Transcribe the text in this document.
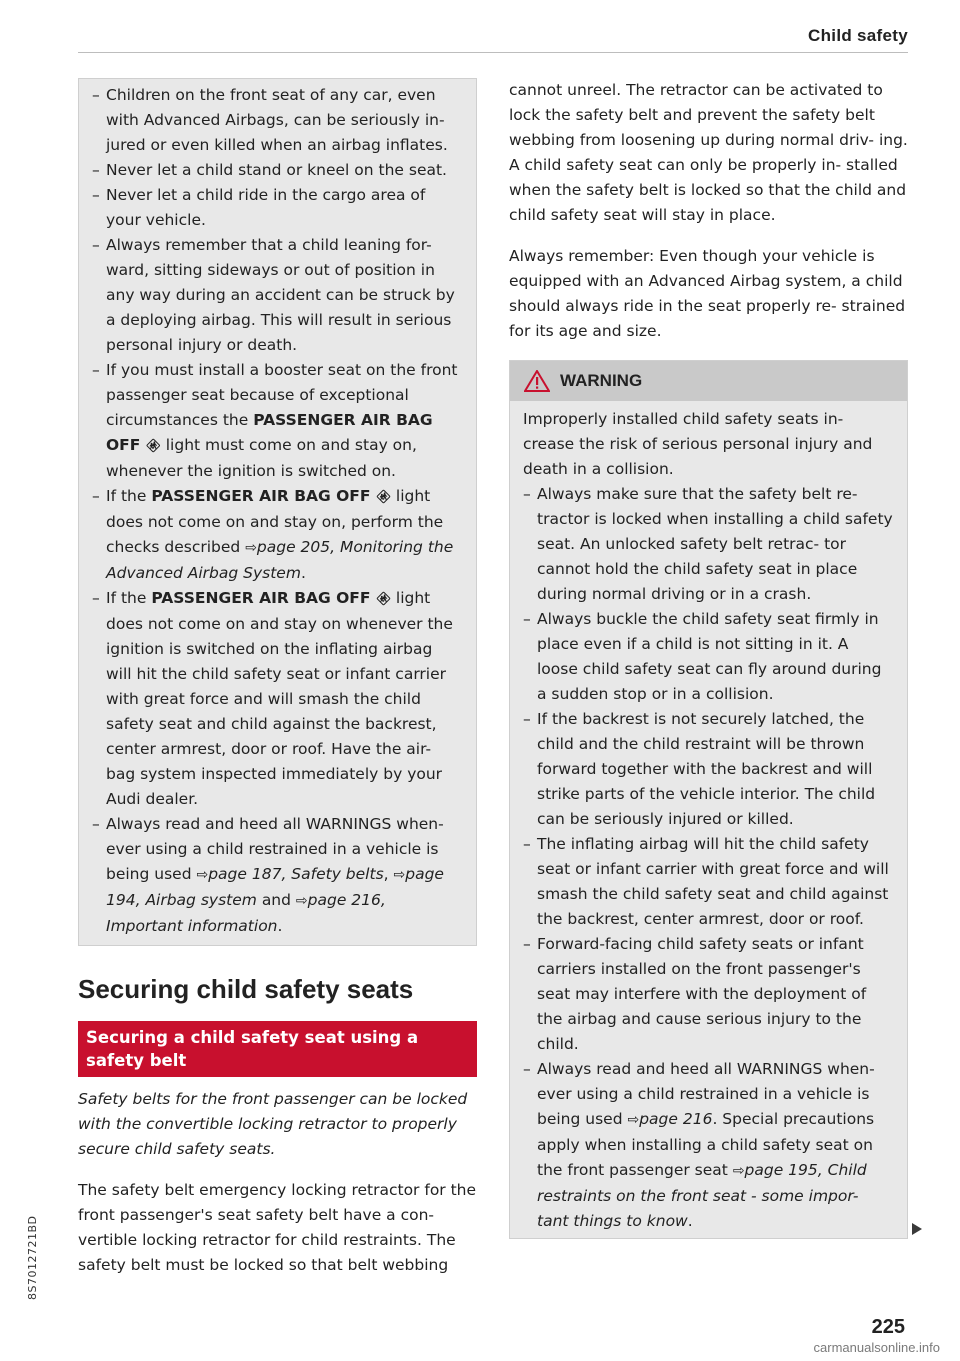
Child safety
– Children on the front seat of any car, even with Advanced Airbags, can be seriously in- jured or even killed when an airbag inflates.
– Never let a child stand or kneel on the seat.
– Never let a child ride in the cargo area of your vehicle.
– Always remember that a child leaning for- ward, sitting sideways or out of position in any way during an accident can be struck by a deploying airbag. This will result in serious personal injury or death.
– If you must install a booster seat on the front passenger seat because of exceptional circumstances the PASSENGER AIR BAG OFF 🚸︎ light must come on and stay on, whenever the ignition is switched on.
– If the PASSENGER AIR BAG OFF 🚸︎ light does not come on and stay on, perform the checks described ⇨page 205, Monitoring the Advanced Airbag System.
– If the PASSENGER AIR BAG OFF 🚸︎ light does not come on and stay on whenever the ignition is switched on the inflating airbag will hit the child safety seat or infant carrier with great force and will smash the child safety seat and child against the backrest, center armrest, door or roof. Have the air- bag system inspected immediately by your Audi dealer.
– Always read and heed all WARNINGS when- ever using a child restrained in a vehicle is being used ⇨page 187, Safety belts, ⇨page 194, Airbag system and ⇨page 216, Important information.
Securing child safety seats
Securing a child safety seat using a safety belt

Safety belts for the front passenger can be locked with the convertible locking retractor to properly secure child safety seats.

The safety belt emergency locking retractor for the front passenger's seat safety belt have a con- vertible locking retractor for child restraints. The safety belt must be locked so that belt webbing

cannot unreel. The retractor can be activated to lock the safety belt and prevent the safety belt webbing from loosening up during normal driv- ing. A child safety seat can only be properly in- stalled when the safety belt is locked so that the child and child safety seat will stay in place.

Always remember: Even though your vehicle is equipped with an Advanced Airbag system, a child should always ride in the seat properly re- strained for its age and size.

WARNING
Improperly installed child safety seats in- crease the risk of serious personal injury and death in a collision.
– Always make sure that the safety belt re- tractor is locked when installing a child safety seat. An unlocked safety belt retrac- tor cannot hold the child safety seat in place during normal driving or in a crash.
– Always buckle the child safety seat firmly in place even if a child is not sitting in it. A loose child safety seat can fly around during a sudden stop or in a collision.
– If the backrest is not securely latched, the child and the child restraint will be thrown forward together with the backrest and will strike parts of the vehicle interior. The child can be seriously injured or killed.
– The inflating airbag will hit the child safety seat or infant carrier with great force and will smash the child safety seat and child against the backrest, center armrest, door or roof.
– Forward-facing child safety seats or infant carriers installed on the front passenger's seat may interfere with the deployment of the airbag and cause serious injury to the child.
– Always read and heed all WARNINGS when- ever using a child restrained in a vehicle is being used ⇨page 216. Special precautions apply when installing a child safety seat on the front passenger seat ⇨page 195, Child restraints on the front seat - some impor- tant things to know.
225
8S7012721BD
carmanualsonline.info
